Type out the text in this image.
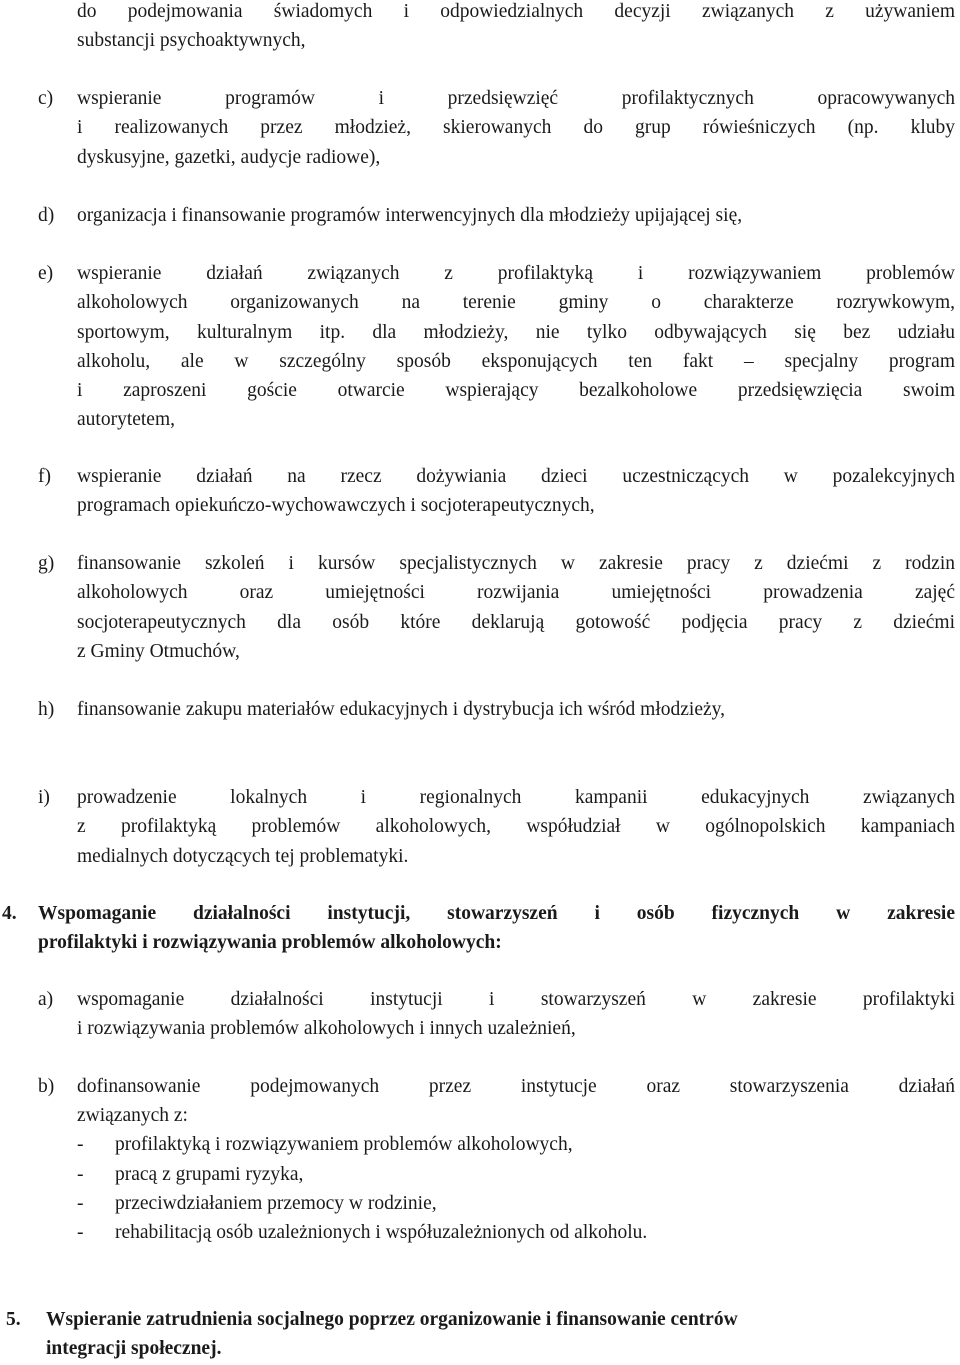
do podejmowania świadomych i odpowiedzialnych decyzji związanych z używaniem
substancji psychoaktywnych,
c) wspieranie programów i przedsięwzięć profilaktycznych opracowywanych
i realizowanych przez młodzież, skierowanych do grup rówieśniczych (np. kluby
dyskusyjne, gazetki, audycje radiowe),
d) organizacja i finansowanie programów interwencyjnych dla młodzieży upijającej się,
e) wspieranie działań związanych z profilaktyką i rozwiązywaniem problemów
alkoholowych organizowanych na terenie gminy o charakterze rozrywkowym,
sportowym, kulturalnym itp. dla młodzieży, nie tylko odbywających się bez udziału
alkoholu, ale w szczególny sposób eksponujących ten fakt – specjalny program
i zaproszeni goście otwarcie wspierający bezalkoholowe przedsięwzięcia swoim
autorytetem,
f) wspieranie działań na rzecz dożywiania dzieci uczestniczących w pozalekcyjnych
programach opiekuńczo-wychowawczych i socjoterapeutycznych,
g) finansowanie szkoleń i kursów specjalistycznych w zakresie pracy z dziećmi z rodzin
alkoholowych oraz umiejętności rozwijania umiejętności prowadzenia zajęć
socjoterapeutycznych dla osób które deklarują gotowość podjęcia pracy z dziećmi
z Gminy Otmuchów,
h) finansowanie zakupu materiałów edukacyjnych i dystrybucja ich wśród młodzieży,
i) prowadzenie lokalnych i regionalnych kampanii edukacyjnych związanych
z profilaktyką problemów alkoholowych, współudział w ogólnopolskich kampaniach
medialnych dotyczących tej problematyki.
4. Wspomaganie działalności instytucji, stowarzyszeń i osób fizycznych w zakresie
profilaktyki i rozwiązywania problemów alkoholowych:
a) wspomaganie działalności instytucji i stowarzyszeń w zakresie profilaktyki
i rozwiązywania problemów alkoholowych i innych uzależnień,
b) dofinansowanie podejmowanych przez instytucje oraz stowarzyszenia działań
związanych z:
- profilaktyką i rozwiązywaniem problemów alkoholowych,
- pracą z grupami ryzyka,
- przeciwdziałaniem przemocy w rodzinie,
- rehabilitacją osób uzależnionych i współuzależnionych od alkoholu.
5. Wspieranie zatrudnienia socjalnego poprzez organizowanie i finansowanie centrów
integracji społecznej.
